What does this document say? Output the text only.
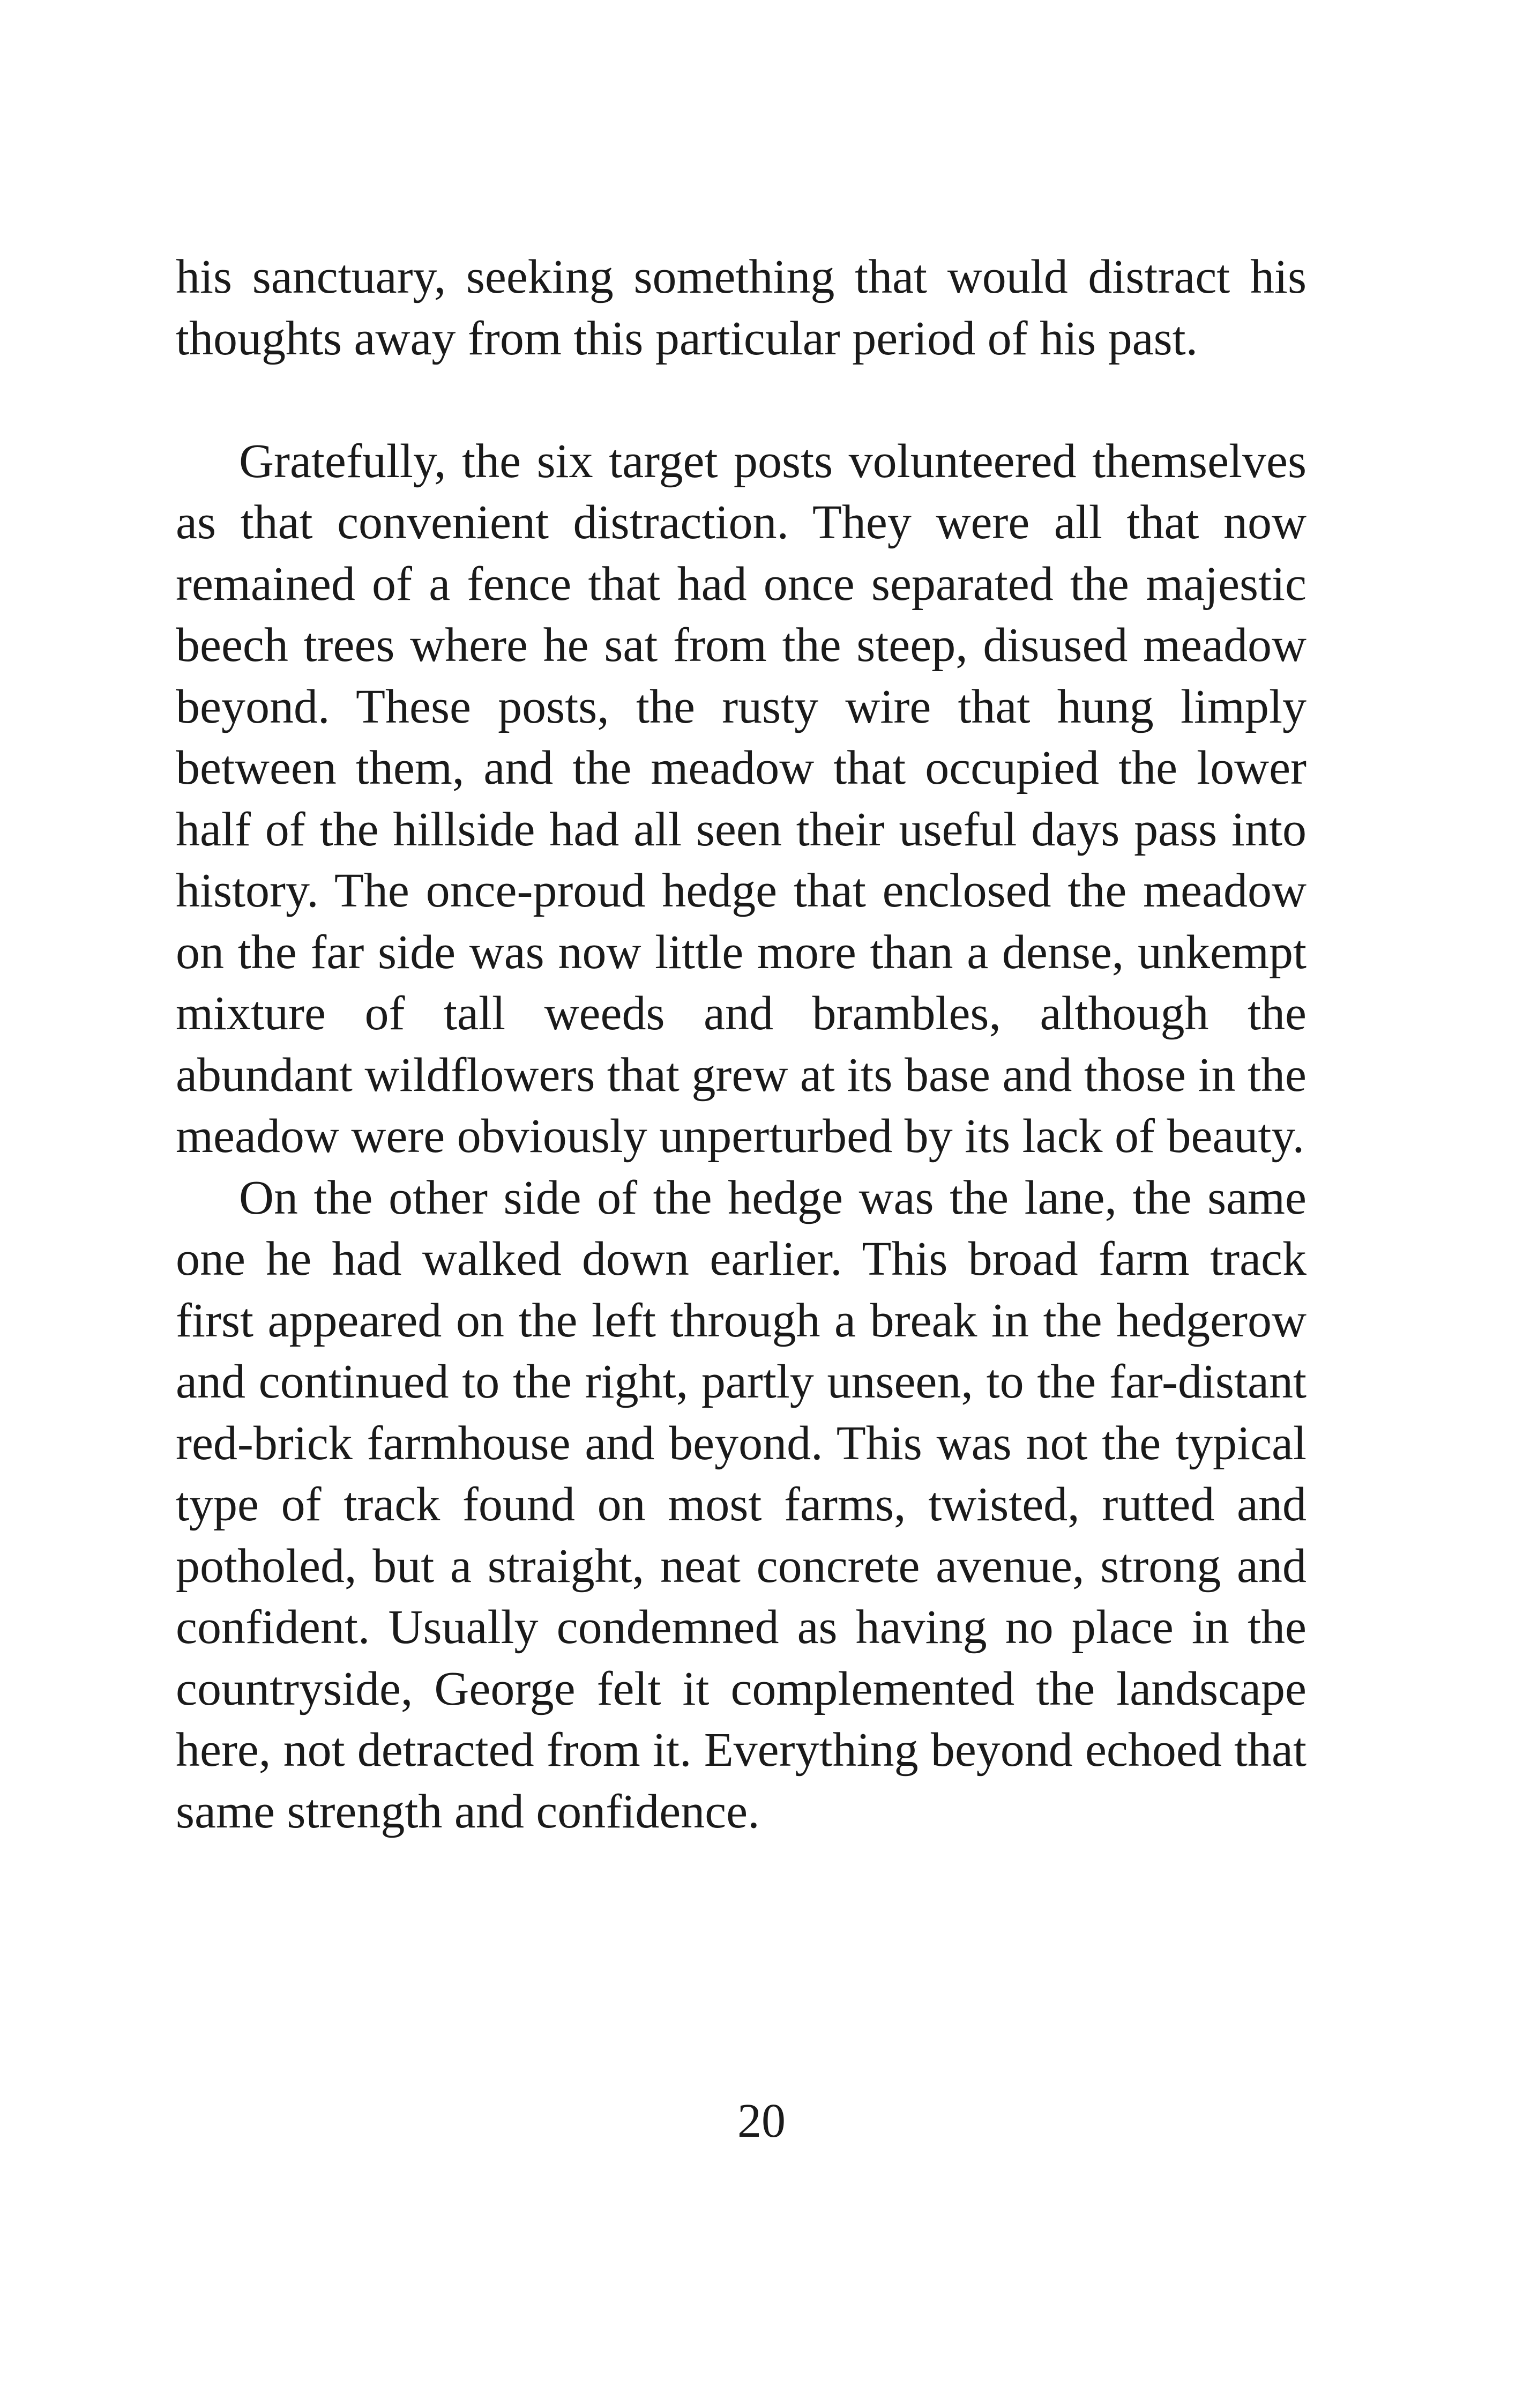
his sanctuary, seeking something that would distract his thoughts away from this particular period of his past.

Gratefully, the six target posts volunteered themselves as that convenient distraction. They were all that now remained of a fence that had once separated the majestic beech trees where he sat from the steep, disused meadow beyond. These posts, the rusty wire that hung limply between them, and the meadow that occupied the lower half of the hillside had all seen their useful days pass into history. The once-proud hedge that enclosed the meadow on the far side was now little more than a dense, unkempt mixture of tall weeds and brambles, although the abundant wildflowers that grew at its base and those in the meadow were obviously unperturbed by its lack of beauty.

On the other side of the hedge was the lane, the same one he had walked down earlier. This broad farm track first appeared on the left through a break in the hedgerow and continued to the right, partly unseen, to the far-distant red-brick farmhouse and beyond. This was not the typical type of track found on most farms, twisted, rutted and potholed, but a straight, neat concrete avenue, strong and confident. Usually condemned as having no place in the countryside, George felt it complemented the landscape here, not detracted from it. Everything beyond echoed that same strength and confidence.

20
